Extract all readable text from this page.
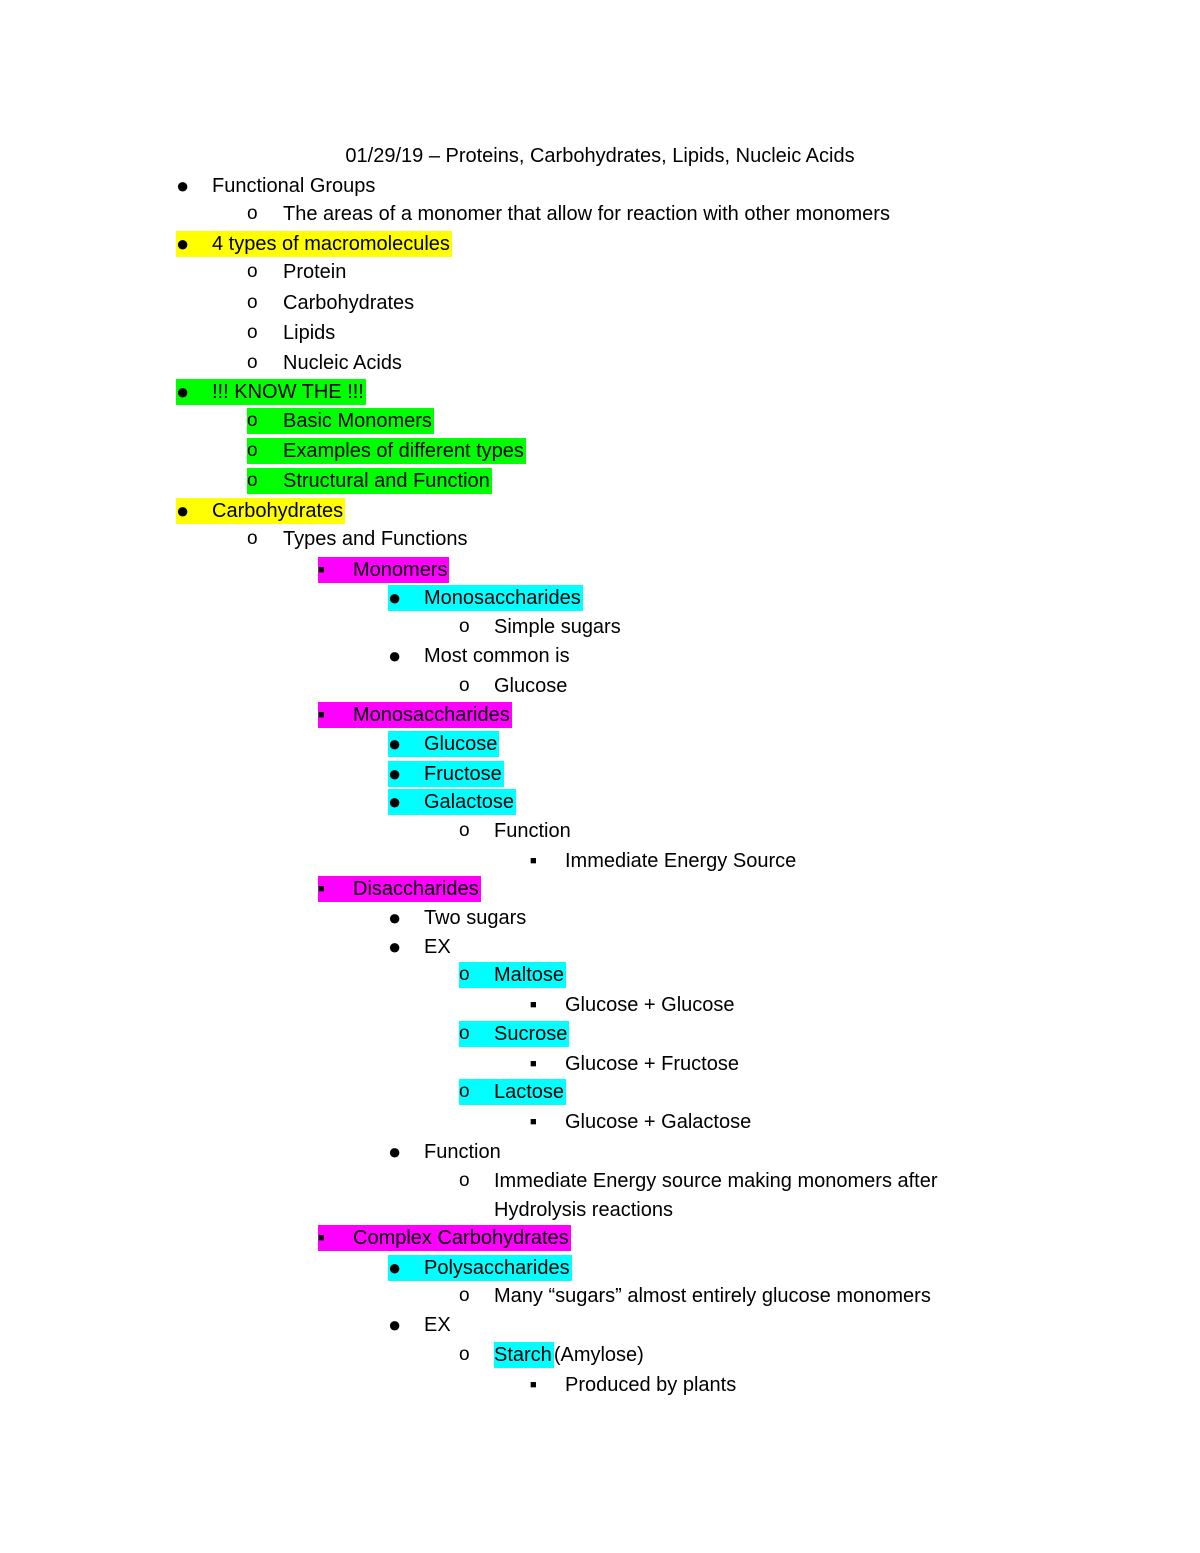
01/29/19 – Proteins, Carbohydrates, Lipids, Nucleic Acids
● Functional Groups
o The areas of a monomer that allow for reaction with other monomers
● 4 types of macromolecules
o Protein
o Carbohydrates
o Lipids
o Nucleic Acids
● !!! KNOW THE !!!
o Basic Monomers
o Examples of different types
o Structural and Function
● Carbohydrates
o Types and Functions
■ Monomers
● Monosaccharides
o Simple sugars
● Most common is
o Glucose
■ Monosaccharides
● Glucose
● Fructose
● Galactose
o Function
■ Immediate Energy Source
■ Disaccharides
● Two sugars
● EX
o Maltose
■ Glucose + Glucose
o Sucrose
■ Glucose + Fructose
o Lactose
■ Glucose + Galactose
● Function
o Immediate Energy source making monomers after
Hydrolysis reactions
■ Complex Carbohydrates
● Polysaccharides
o Many “sugars” almost entirely glucose monomers
● EX
o Starch (Amylose)
■ Produced by plants
